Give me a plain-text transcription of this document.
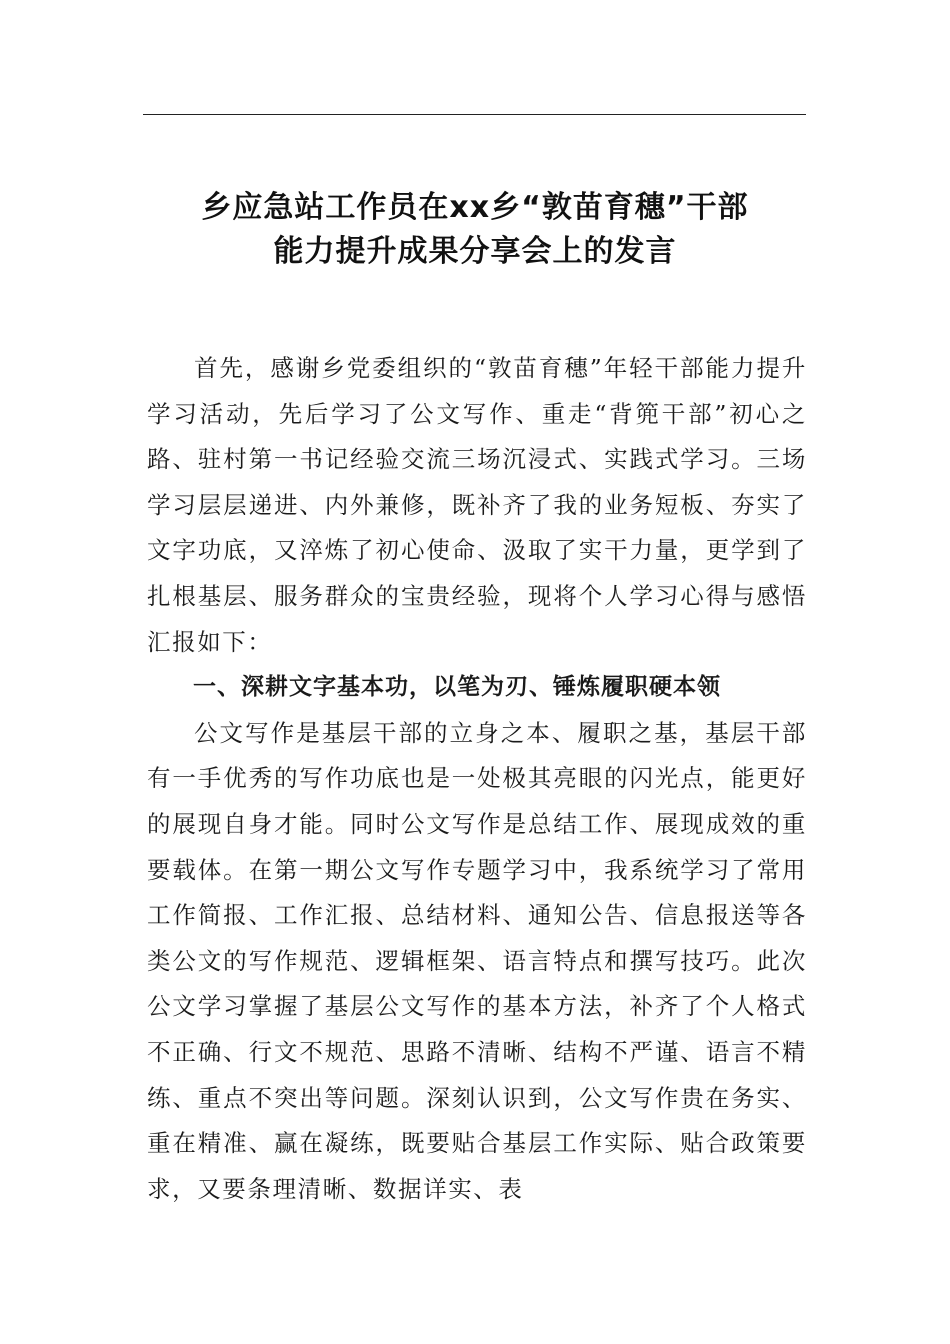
乡应急站工作员在xx乡“敦苗育穗”干部
能力提升成果分享会上的发言

首先，感谢乡党委组织的“敦苗育穗”年轻干部能力提升学习活动，先后学习了公文写作、重走“背篼干部”初心之路、驻村第一书记经验交流三场沉浸式、实践式学习。三场学习层层递进、内外兼修，既补齐了我的业务短板、夯实了文字功底，又淬炼了初心使命、汲取了实干力量，更学到了扎根基层、服务群众的宝贵经验，现将个人学习心得与感悟汇报如下：

一、深耕文字基本功，以笔为刃、锤炼履职硬本领

公文写作是基层干部的立身之本、履职之基，基层干部有一手优秀的写作功底也是一处极其亮眼的闪光点，能更好的展现自身才能。同时公文写作是总结工作、展现成效的重要载体。在第一期公文写作专题学习中，我系统学习了常用工作简报、工作汇报、总结材料、通知公告、信息报送等各类公文的写作规范、逻辑框架、语言特点和撰写技巧。此次公文学习掌握了基层公文写作的基本方法，补齐了个人格式不正确、行文不规范、思路不清晰、结构不严谨、语言不精练、重点不突出等问题。深刻认识到，公文写作贵在务实、重在精准、赢在凝练，既要贴合基层工作实际、贴合政策要求，又要条理清晰、数据详实、表
